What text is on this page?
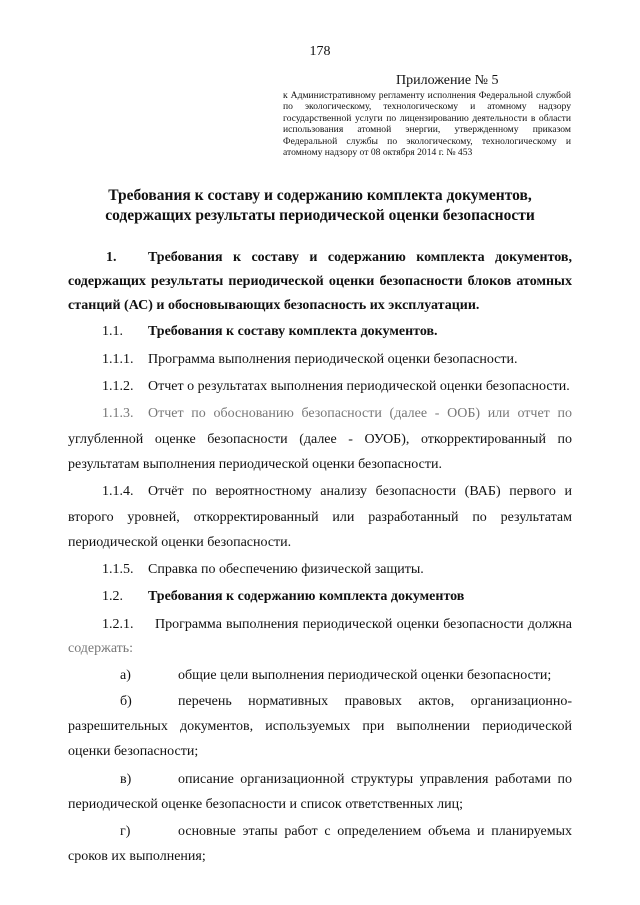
178
Приложение № 5
к Административному регламенту исполнения Федеральной службой по экологическому, технологическому и атомному надзору государственной услуги по лицензированию деятельности в области использования атомной энергии, утвержденному приказом Федеральной службы по экологическому, технологическому и атомному надзору от 08 октября 2014 г. № 453
Требования к составу и содержанию комплекта документов,
содержащих результаты периодической оценки безопасности
1. Требования к составу и содержанию комплекта документов,
содержащих результаты периодической оценки безопасности блоков атомных
станций (АС) и обосновывающих безопасность их эксплуатации.
1.1. Требования к составу комплекта документов.
1.1.1. Программа выполнения периодической оценки безопасности.
1.1.2. Отчет о результатах выполнения периодической оценки безопасности.
1.1.3. Отчет по обоснованию безопасности (далее - ООБ) или отчет по
углубленной оценке безопасности (далее - ОУОБ), откорректированный по
результатам выполнения периодической оценки безопасности.
1.1.4. Отчёт по вероятностному анализу безопасности (ВАБ) первого и
второго уровней, откорректированный или разработанный по результатам
периодической оценки безопасности.
1.1.5. Справка по обеспечению физической защиты.
1.2. Требования к содержанию комплекта документов
1.2.1. Программа выполнения периодической оценки безопасности должна
содержать:
а)	общие цели выполнения периодической оценки безопасности;
б)	перечень нормативных правовых актов, организационно-
разрешительных документов, используемых при выполнении периодической
оценки безопасности;
в)	описание организационной структуры управления работами по
периодической оценке безопасности и список ответственных лиц;
г)	основные этапы работ с определением объема и планируемых
сроков их выполнения;
